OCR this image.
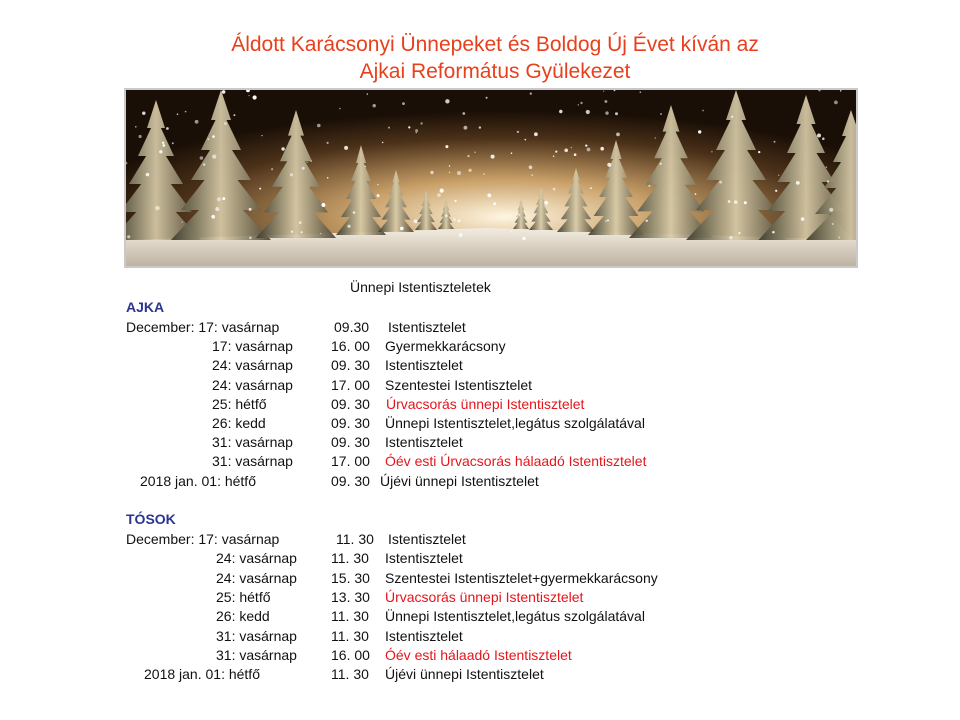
Áldott Karácsonyi Ünnepeket és Boldog Új Évet kíván az
Ajkai Református Gyülekezet
Ünnepi Istentiszteletek
AJKA
December: 17: vasárnap	09.30 Istentisztelet
17: vasárnap	16. 00 Gyermekkarácsony
24: vasárnap	09. 30 Istentisztelet
24: vasárnap	17. 00 Szentestei Istentisztelet
25: hétfő	09. 30 Úrvacsorás ünnepi Istentisztelet
26: kedd	09. 30 Ünnepi Istentisztelet,legátus szolgálatával
31: vasárnap	09. 30 Istentisztelet
31: vasárnap	17. 00 Óév esti Úrvacsorás hálaadó Istentisztelet
2018 jan. 01: hétfő	09. 30 Újévi ünnepi Istentisztelet
TÓSOK
December: 17: vasárnap	11. 30 Istentisztelet
24: vasárnap 11. 30 Istentisztelet
24: vasárnap 15. 30 Szentestei Istentisztelet+gyermekkarácsony
25: hétfő	13. 30 Úrvacsorás ünnepi Istentisztelet
26: kedd	11. 30 Ünnepi Istentisztelet,legátus szolgálatával
31: vasárnap 11. 30 Istentisztelet
31: vasárnap 16. 00 Óév esti hálaadó Istentisztelet
2018 jan. 01: hétfő	11. 30 Újévi ünnepi Istentisztelet
